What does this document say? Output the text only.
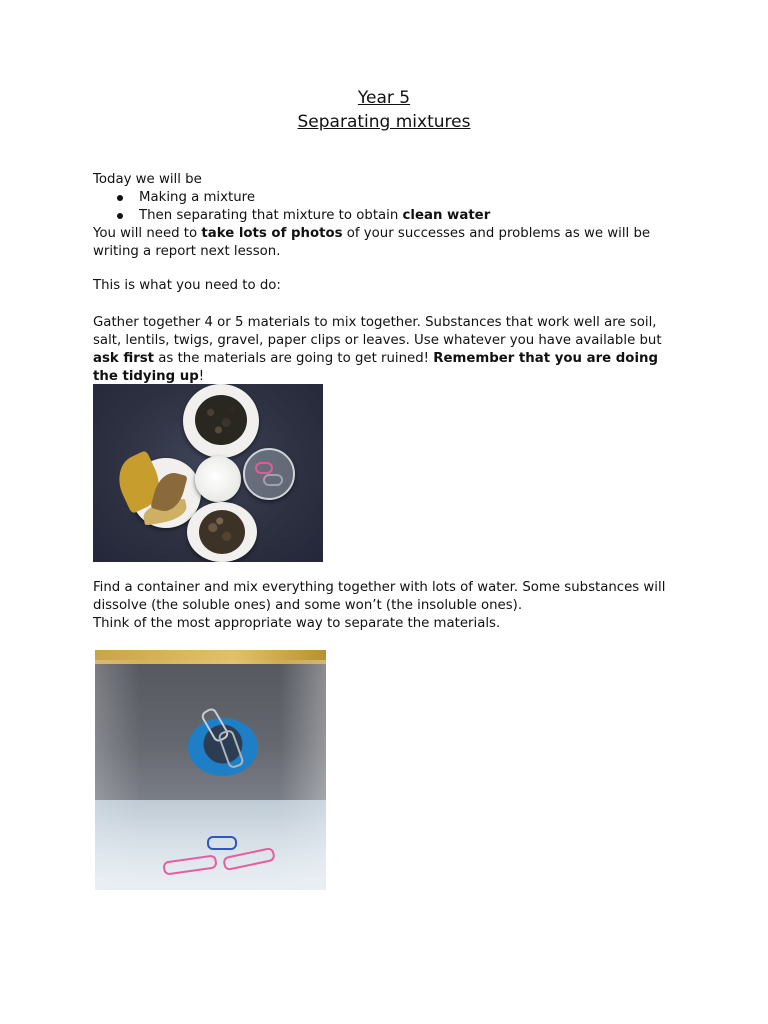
Year 5
Separating mixtures
Today we will be
Making a mixture
Then separating that mixture to obtain clean water
You will need to take lots of photos of your successes and problems as we will be writing a report next lesson.
This is what you need to do:
Gather together 4 or 5 materials to mix together. Substances that work well are soil, salt, lentils, twigs, gravel, paper clips or leaves. Use whatever you have available but ask first as the materials are going to get ruined! Remember that you are doing the tidying up!
Find a container and mix everything together with lots of water. Some substances will dissolve (the soluble ones) and some won’t (the insoluble ones).
Think of the most appropriate way to separate the materials.
